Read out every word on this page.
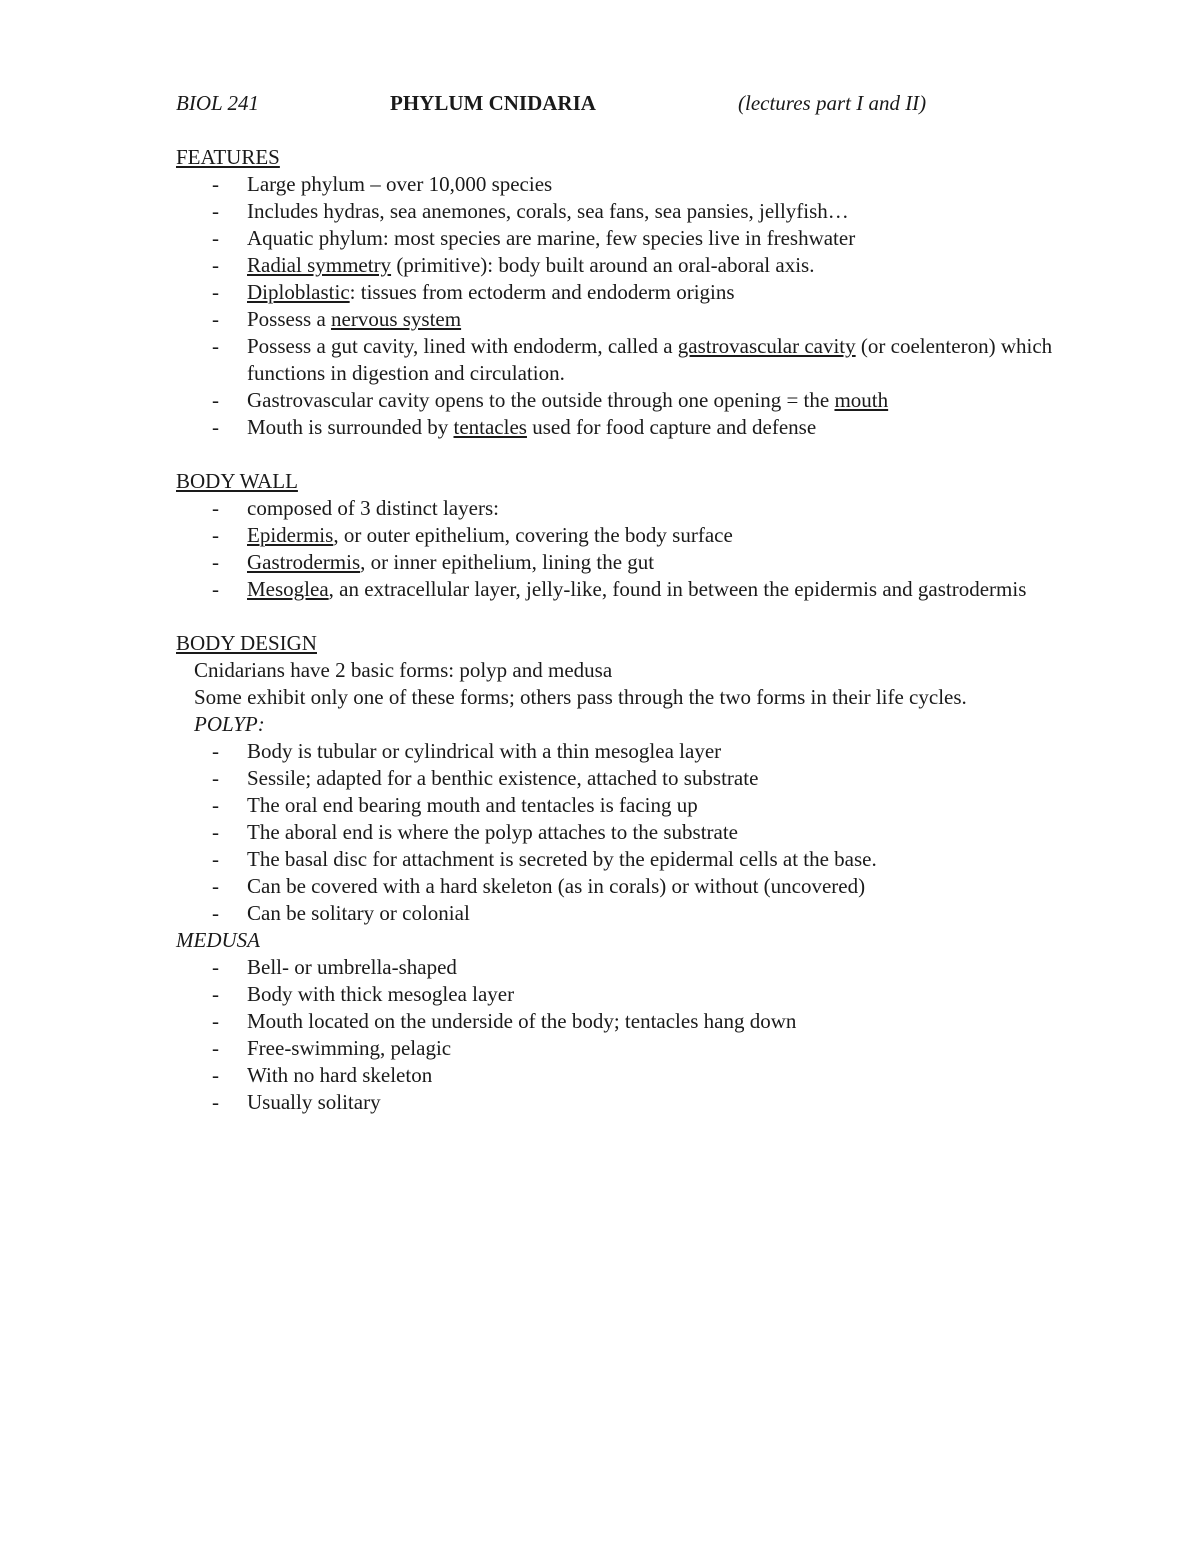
BIOL 241	PHYLUM CNIDARIA	(lectures part I and II)
FEATURES
- Large phylum – over 10,000 species
- Includes hydras, sea anemones, corals, sea fans, sea pansies, jellyfish…
- Aquatic phylum: most species are marine, few species live in freshwater
- Radial symmetry (primitive): body built around an oral-aboral axis.
- Diploblastic: tissues from ectoderm and endoderm origins
- Possess a nervous system
- Possess a gut cavity, lined with endoderm, called a gastrovascular cavity (or coelenteron) which functions in digestion and circulation.
- Gastrovascular cavity opens to the outside through one opening = the mouth
- Mouth is surrounded by tentacles used for food capture and defense
BODY WALL
- composed of 3 distinct layers:
- Epidermis, or outer epithelium, covering the body surface
- Gastrodermis, or inner epithelium, lining the gut
- Mesoglea, an extracellular layer, jelly-like, found in between the epidermis and gastrodermis
BODY DESIGN
Cnidarians have 2 basic forms: polyp and medusa
Some exhibit only one of these forms; others pass through the two forms in their life cycles.
POLYP:
- Body is tubular or cylindrical with a thin mesoglea layer
- Sessile; adapted for a benthic existence, attached to substrate
- The oral end bearing mouth and tentacles is facing up
- The aboral end is where the polyp attaches to the substrate
- The basal disc for attachment is secreted by the epidermal cells at the base.
- Can be covered with a hard skeleton (as in corals) or without (uncovered)
- Can be solitary or colonial
MEDUSA
- Bell- or umbrella-shaped
- Body with thick mesoglea layer
- Mouth located on the underside of the body; tentacles hang down
- Free-swimming, pelagic
- With no hard skeleton
- Usually solitary
